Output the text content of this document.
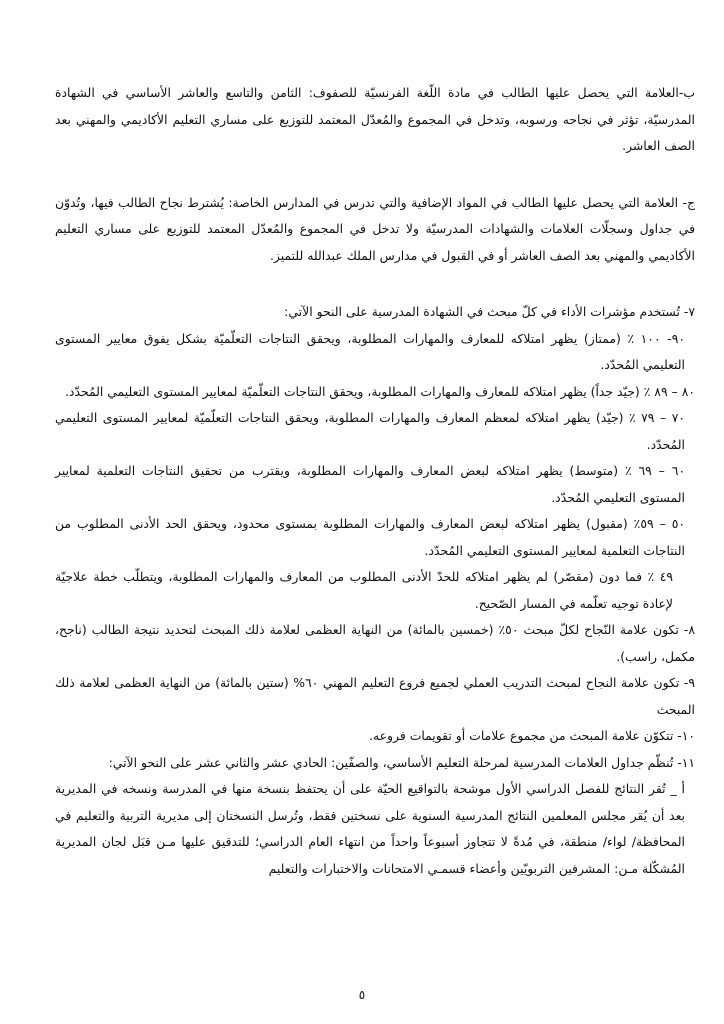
ب-العلامة التي يحصل عليها الطالب في مادة اللّغة الفرنسيّة للصفوف: الثامن والتاسع والعاشر الأساسي في الشهادة المدرسيّة، تؤثر في نجاحه ورسوبه، وتدخل في المجموع والمُعدّل المعتمد للتوزيع على مساري التعليم الأكاديمي والمهني بعد الصف العاشر.

ج- العلامة التي يحصل عليها الطالب في المواد الإضافية والتي تدرس في المدارس الخاصة: يُشترط نجاح الطالب فيها، وتُدوّن في جداول وسجلّات العلامات والشهادات المدرسيّة ولا تدخل في المجموع والمُعدّل المعتمد للتوزيع على مساري التعليم الأكاديمي والمهني بعد الصف العاشر أو في القبول في مدارس الملك عبدالله للتميز.

٧- تُستخدم مؤشرات الأداء في كلّ مبحث في الشهادة المدرسية على النحو الآتي:

٩٠- ١٠٠ ٪ (ممتاز) يظهر امتلاكه للمعارف والمهارات المطلوبة، ويحقق النتاجات التعلّميّة بشكل يفوق معايير المستوى التعليمي المُحدّد.

٨٠ – ٨٩ ٪ (جيّد جداً) يظهر امتلاكه للمعارف والمهارات المطلوبة، ويحقق النتاجات التعلّميّة لمعايير المستوى التعليمي المُحدّد.

٧٠ – ٧٩ ٪ (جيّد) يظهر امتلاكه لمعظم المعارف والمهارات المطلوبة، ويحقق النتاجات التعلّميّة لمعايير المستوى التعليمي المُحدّد.

٦٠ – ٦٩ ٪ (متوسط) يظهر امتلاكه لبعض المعارف والمهارات المطلوبة، ويقترب من تحقيق النتاجات التعلمية لمعايير المستوى التعليمي المُحدّد.

٥٠ – ٥٩٪ (مقبول) يظهر امتلاكه لبعض المعارف والمهارات المطلوبة بمستوى محدود، ويحقق الحد الأدنى المطلوب من النتاجات التعلمية لمعايير المستوى التعليمي المُحدّد.

٤٩ ٪ فما دون (مقصّر) لم يظهر امتلاكه للحدّ الأدنى المطلوب من المعارف والمهارات المطلوبة، ويتطلّب خطة علاجيّة لإعادة توجيه تعلّمه في المسار الصّحيح.

٨- تكون علامة النّجاح لكلّ مبحث ٥٠٪ (خمسين بالمائة) من النهاية العظمى لعلامة ذلك المبحث لتحديد نتيجة الطالب (ناجح، مكمل، راسب).

٩- تكون علامة النجاح لمبحث التدريب العملي لجميع فروع التعليم المهني ٦٠% (ستين بالمائة) من النهاية العظمى لعلامة ذلك المبحث

١٠- تتكوّن علامة المبحث من مجموع علامات أو تقويمات فروعه.

١١- تُنظّم جداول العلامات المدرسية لمرحلة التعليم الأساسي، والصفّين: الحادي عشر والثاني عشر على النحو الآتي:

أ _ تُقر النتائج للفصل الدراسي الأول موشحة بالتواقيع الحيّة على أن يحتفظ بنسخة منها في المدرسة ونسخه في المديرية بعد أن يُقر مجلس المعلمين النتائج المدرسية السنوية على نسختين فقط، وتُرسل النسختان إلى مديرية التربية والتعليم في المحافظة/ لواء/ منطقة، في مُدةً لا تتجاوز أسبوعاً واحداً من انتهاء العام الدراسي؛ للتدقيق عليها مـن قبَل لجان المديرية المُشكّلة مـن: المشرفين التربويّين وأعضاء قسمـي الامتحانات والاختبارات والتعليم

٥
